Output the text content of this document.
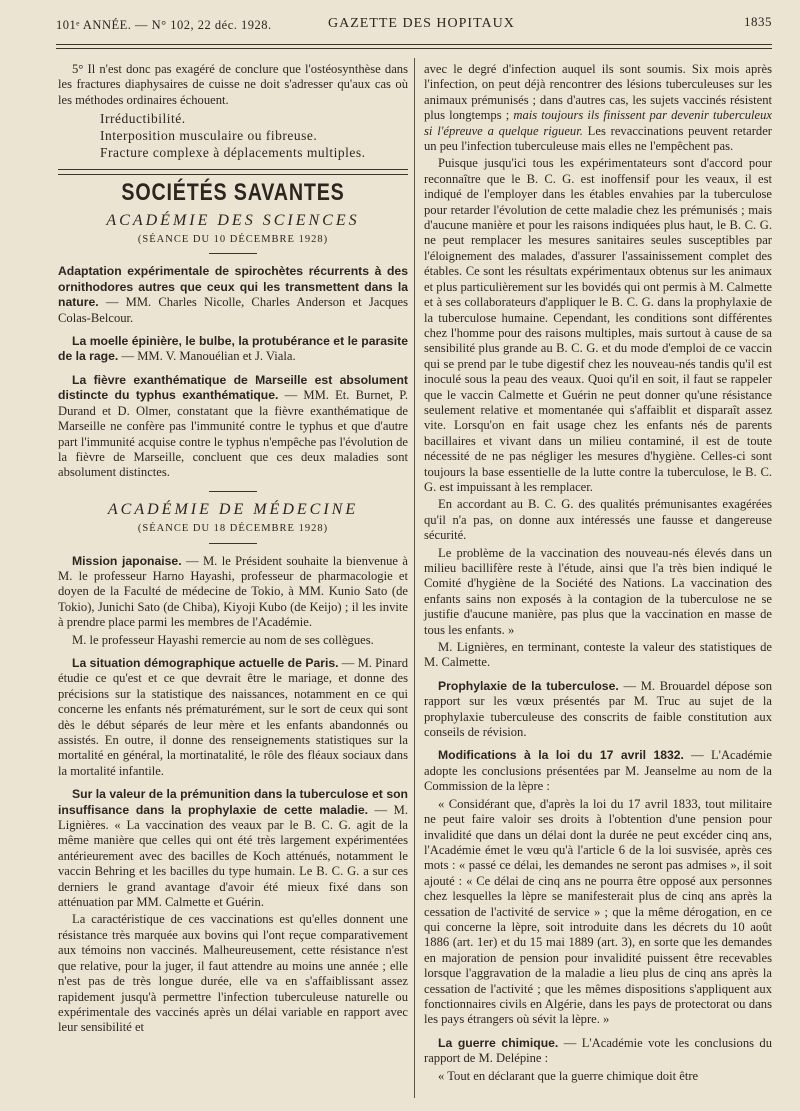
101ᵉ ANNÉE. — N° 102, 22 déc. 1928.	GAZETTE DES HOPITAUX	1835

5° Il n'est donc pas exagéré de conclure que l'ostéosynthèse dans les fractures diaphysaires de cuisse ne doit s'adresser qu'aux cas où les méthodes ordinaires échouent.

Irréductibilité.
Interposition musculaire ou fibreuse.
Fracture complexe à déplacements multiples.
SOCIÉTÉS SAVANTES
ACADÉMIE DES SCIENCES
(SÉANCE DU 10 DÉCEMBRE 1928)

Adaptation expérimentale de spirochètes récurrents à des ornithodores autres que ceux qui les transmettent dans la nature. — MM. Charles Nicolle, Charles Anderson et Jacques Colas-Belcour.

La moelle épinière, le bulbe, la protubérance et le parasite de la rage. — MM. V. Manouélian et J. Viala.

La fièvre exanthématique de Marseille est absolument distincte du typhus exanthématique. — MM. Et. Burnet, P. Durand et D. Olmer, constatant que la fièvre exanthématique de Marseille ne confère pas l'immunité contre le typhus et que d'autre part l'immunité acquise contre le typhus n'empêche pas l'évolution de la fièvre de Marseille, concluent que ces deux maladies sont absolument distinctes.

ACADÉMIE DE MÉDECINE
(SÉANCE DU 18 DÉCEMBRE 1928)

Mission japonaise. — M. le Président souhaite la bienvenue à M. le professeur Harno Hayashi, professeur de pharmacologie et doyen de la Faculté de médecine de Tokio, à MM. Kunio Sato (de Tokio), Junichi Sato (de Chiba), Kiyoji Kubo (de Keijo) ; il les invite à prendre place parmi les membres de l'Académie.

M. le professeur Hayashi remercie au nom de ses collègues.

La situation démographique actuelle de Paris. — M. Pinard étudie ce qu'est et ce que devrait être le mariage, et donne des précisions sur la statistique des naissances, notamment en ce qui concerne les enfants nés prématurément, sur le sort de ceux qui sont dès le début séparés de leur mère et les enfants abandonnés ou assistés. En outre, il donne des renseignements statistiques sur la mortalité en général, la mortinatalité, le rôle des fléaux sociaux dans la mortalité infantile.

Sur la valeur de la prémunition dans la tuberculose et son insuffisance dans la prophylaxie de cette maladie. — M. Lignières. « La vaccination des veaux par le B. C. G. agit de la même manière que celles qui ont été très largement expérimentées antérieurement avec des bacilles de Koch atténués, notamment le vaccin Behring et les bacilles du type humain. Le B. C. G. a sur ces derniers le grand avantage d'avoir été mieux fixé dans son atténuation par MM. Calmette et Guérin.

La caractéristique de ces vaccinations est qu'elles donnent une résistance très marquée aux bovins qui l'ont reçue comparativement aux témoins non vaccinés. Malheureusement, cette résistance n'est que relative, pour la juger, il faut attendre au moins une année ; elle n'est pas de très longue durée, elle va en s'affaiblissant assez rapidement jusqu'à permettre l'infection tuberculeuse naturelle ou expérimentale des vaccinés après un délai variable en rapport avec leur sensibilité et

avec le degré d'infection auquel ils sont soumis. Six mois après l'infection, on peut déjà rencontrer des lésions tuberculeuses sur les animaux prémunisés ; dans d'autres cas, les sujets vaccinés résistent plus longtemps ; mais toujours ils finissent par devenir tuberculeux si l'épreuve a quelque rigueur. Les revaccinations peuvent retarder un peu l'infection tuberculeuse mais elles ne l'empêchent pas.

Puisque jusqu'ici tous les expérimentateurs sont d'accord pour reconnaître que le B. C. G. est inoffensif pour les veaux, il est indiqué de l'employer dans les étables envahies par la tuberculose pour retarder l'évolution de cette maladie chez les prémunisés ; mais d'aucune manière et pour les raisons indiquées plus haut, le B. C. G. ne peut remplacer les mesures sanitaires seules susceptibles par l'éloignement des malades, d'assurer l'assainissement complet des étables. Ce sont les résultats expérimentaux obtenus sur les animaux et plus particulièrement sur les bovidés qui ont permis à M. Calmette et à ses collaborateurs d'appliquer le B. C. G. dans la prophylaxie de la tuberculose humaine. Cependant, les conditions sont différentes chez l'homme pour des raisons multiples, mais surtout à cause de sa sensibilité plus grande au B. C. G. et du mode d'emploi de ce vaccin qui se prend par le tube digestif chez les nouveau-nés tandis qu'il est inoculé sous la peau des veaux. Quoi qu'il en soit, il faut se rappeler que le vaccin Calmette et Guérin ne peut donner qu'une résistance seulement relative et momentanée qui s'affaiblit et disparaît assez vite. Lorsqu'on en fait usage chez les enfants nés de parents bacillaires et vivant dans un milieu contaminé, il est de toute nécessité de ne pas négliger les mesures d'hygiène. Celles-ci sont toujours la base essentielle de la lutte contre la tuberculose, le B. C. G. est impuissant à les remplacer.

En accordant au B. C. G. des qualités prémunisantes exagérées qu'il n'a pas, on donne aux intéressés une fausse et dangereuse sécurité.

Le problème de la vaccination des nouveau-nés élevés dans un milieu bacillifère reste à l'étude, ainsi que l'a très bien indiqué le Comité d'hygiène de la Société des Nations. La vaccination des enfants sains non exposés à la contagion de la tuberculose ne se justifie d'aucune manière, pas plus que la vaccination en masse de tous les enfants. »

M. Lignières, en terminant, conteste la valeur des statistiques de M. Calmette.

Prophylaxie de la tuberculose. — M. Brouardel dépose son rapport sur les vœux présentés par M. Truc au sujet de la prophylaxie tuberculeuse des conscrits de faible constitution aux conseils de révision.

Modifications à la loi du 17 avril 1832. — L'Académie adopte les conclusions présentées par M. Jeanselme au nom de la Commission de la lèpre :

« Considérant que, d'après la loi du 17 avril 1833, tout militaire ne peut faire valoir ses droits à l'obtention d'une pension pour invalidité que dans un délai dont la durée ne peut excéder cinq ans, l'Académie émet le vœu qu'à l'article 6 de la loi susvisée, après ces mots : « passé ce délai, les demandes ne seront pas admises », il soit ajouté : « Ce délai de cinq ans ne pourra être opposé aux personnes chez lesquelles la lèpre se manifesterait plus de cinq ans après la cessation de l'activité de service » ; que la même dérogation, en ce qui concerne la lèpre, soit introduite dans les décrets du 10 août 1886 (art. 1er) et du 15 mai 1889 (art. 3), en sorte que les demandes en majoration de pension pour invalidité puissent être recevables lorsque l'aggravation de la maladie a lieu plus de cinq ans après la cessation de l'activité ; que les mêmes dispositions s'appliquent aux fonctionnaires civils en Algérie, dans les pays de protectorat ou dans les pays étrangers où sévit la lèpre. »

La guerre chimique. — L'Académie vote les conclusions du rapport de M. Delépine :

« Tout en déclarant que la guerre chimique doit être
